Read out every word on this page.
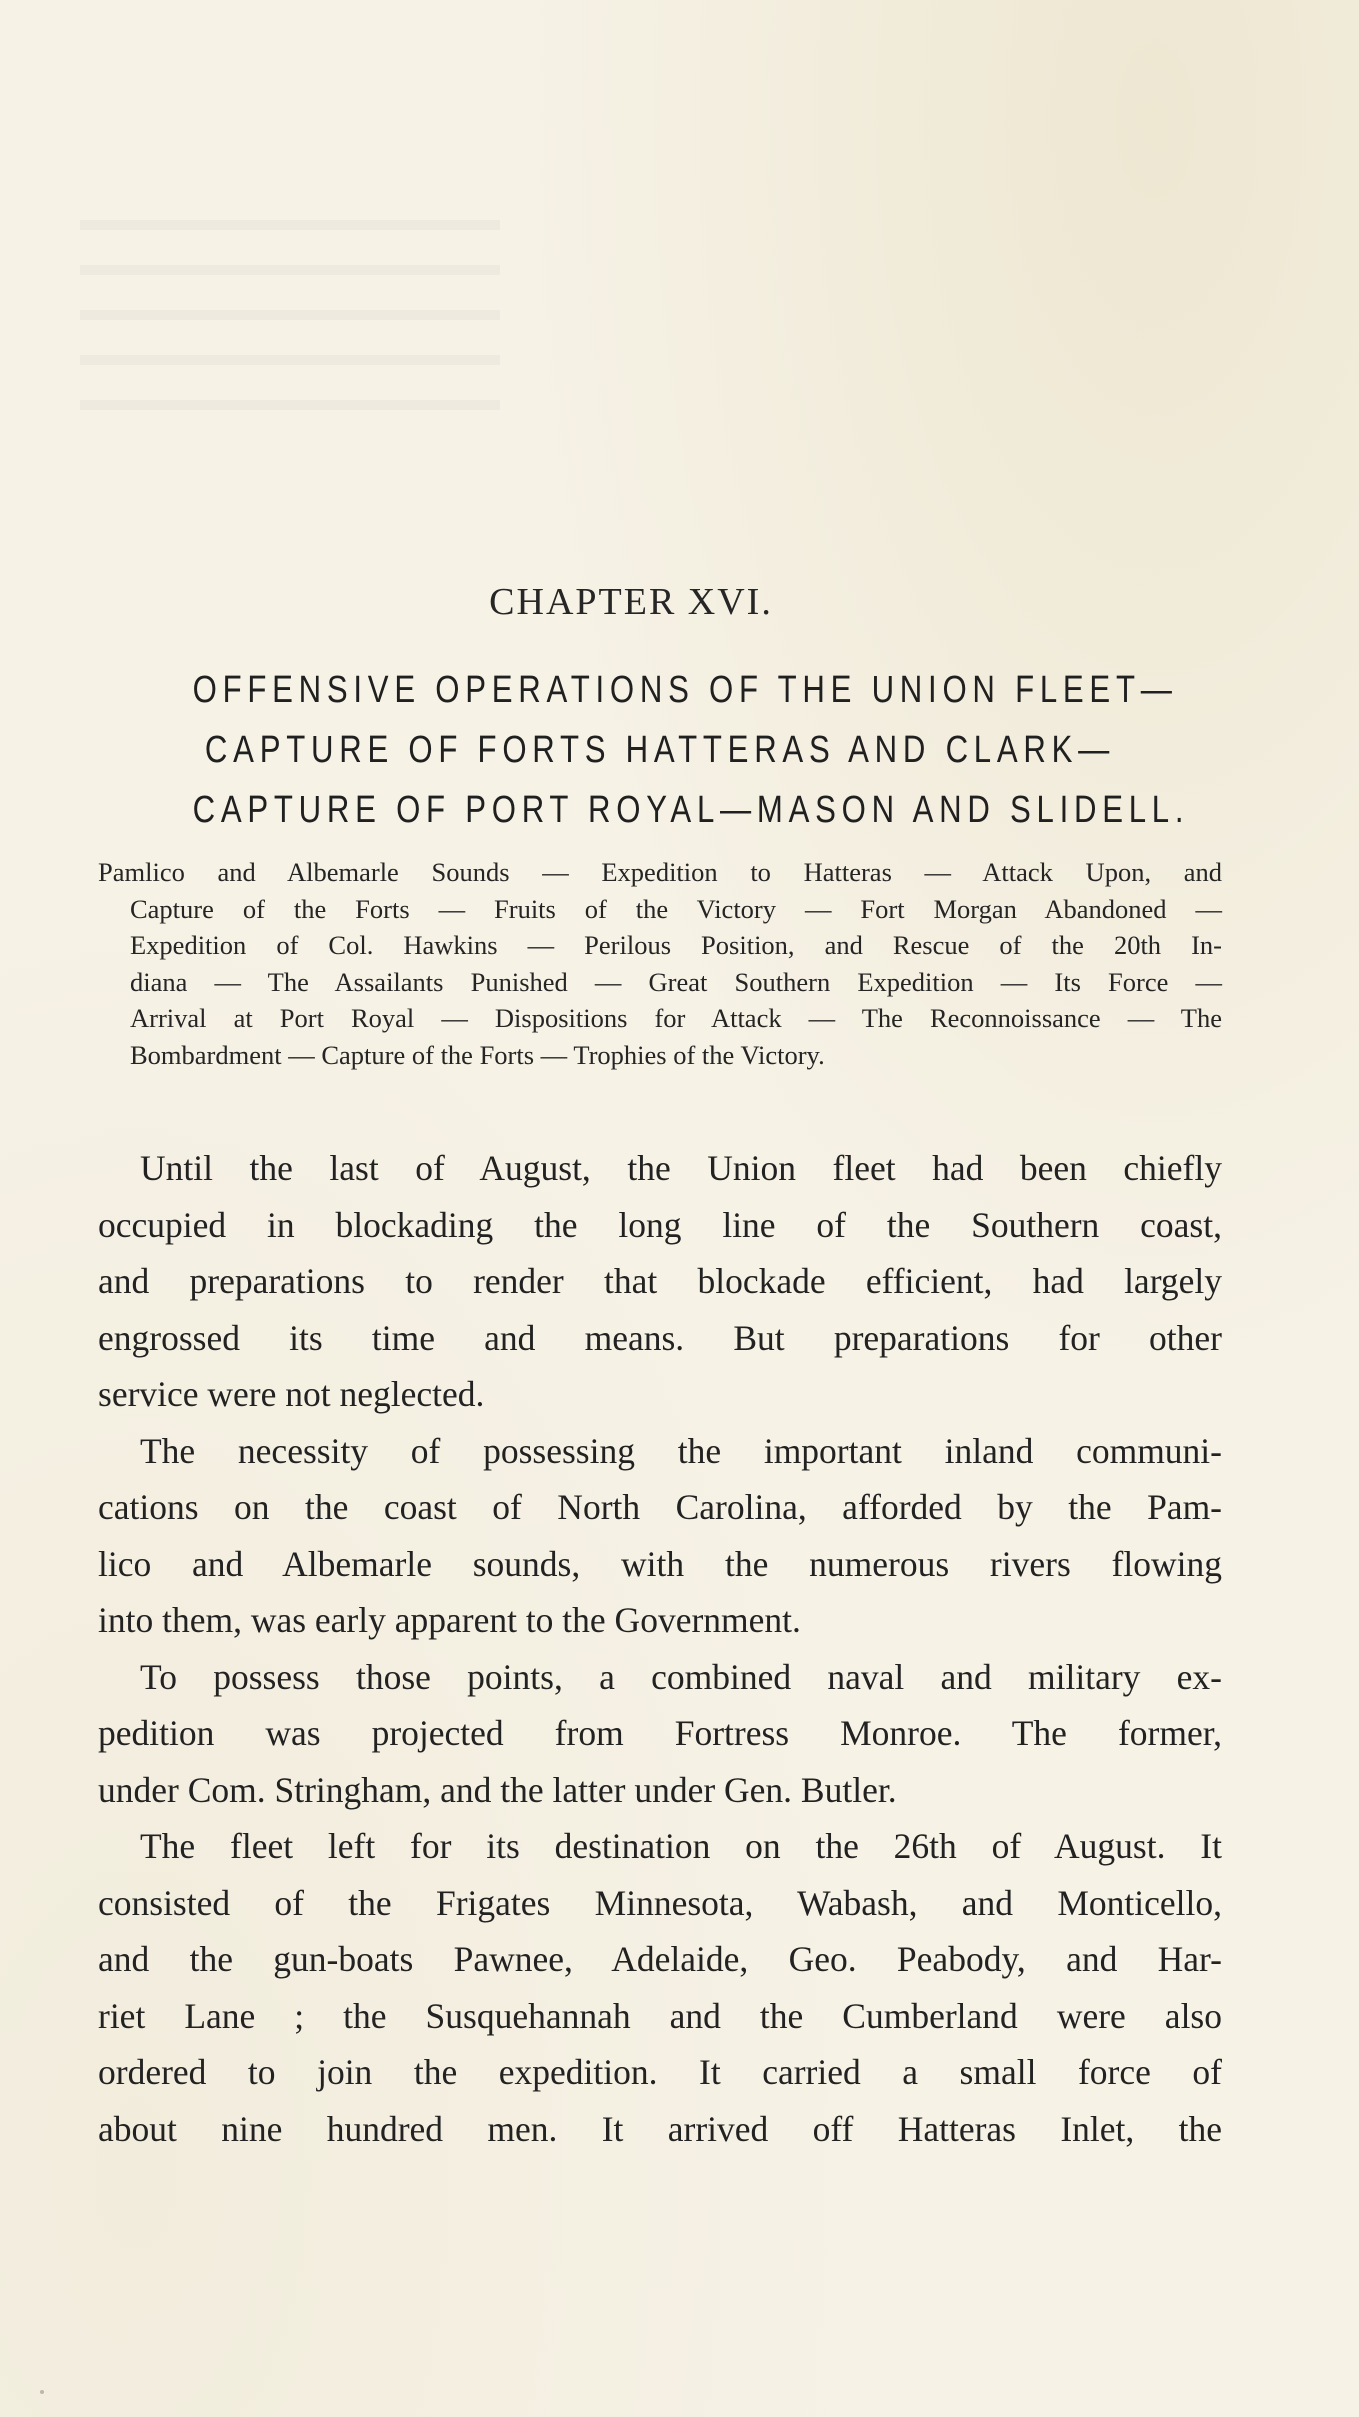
CHAPTER XVI.
OFFENSIVE OPERATIONS OF THE UNION FLEET—
CAPTURE OF FORTS HATTERAS AND CLARK—
CAPTURE OF PORT ROYAL—MASON AND SLIDELL.
Pamlico and Albemarle Sounds — Expedition to Hatteras — Attack Upon, and
Capture of the Forts — Fruits of the Victory — Fort Morgan Abandoned —
Expedition of Col. Hawkins — Perilous Position, and Rescue of the 20th In-
diana — The Assailants Punished — Great Southern Expedition — Its Force —
Arrival at Port Royal — Dispositions for Attack — The Reconnoissance — The
Bombardment — Capture of the Forts — Trophies of the Victory.
Until the last of August, the Union fleet had been chiefly
occupied in blockading the long line of the Southern coast,
and preparations to render that blockade efficient, had largely
engrossed its time and means. But preparations for other
service were not neglected.
The necessity of possessing the important inland communi-
cations on the coast of North Carolina, afforded by the Pam-
lico and Albemarle sounds, with the numerous rivers flowing
into them, was early apparent to the Government.
To possess those points, a combined naval and military ex-
pedition was projected from Fortress Monroe. The former,
under Com. Stringham, and the latter under Gen. Butler.
The fleet left for its destination on the 26th of August. It
consisted of the Frigates Minnesota, Wabash, and Monticello,
and the gun-boats Pawnee, Adelaide, Geo. Peabody, and Har-
riet Lane ; the Susquehannah and the Cumberland were also
ordered to join the expedition. It carried a small force of
about nine hundred men. It arrived off Hatteras Inlet, the
